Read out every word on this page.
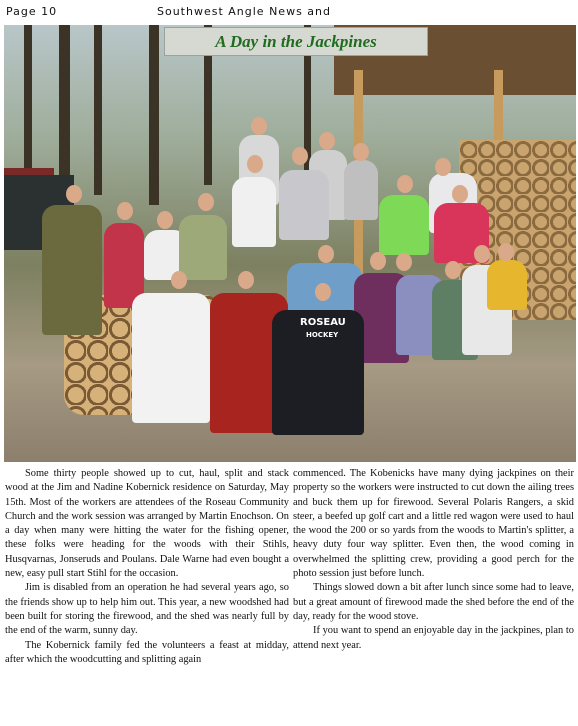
Page 10	Southwest Angle News and
ROSEAU
HOCKEY
A Day in the Jackpines

Some thirty people showed up to cut, haul, split and stack wood at the Jim and Nadine Kobernick residence on Saturday, May 15th. Most of the workers are attendees of the Roseau Community Church and the work session was arranged by Martin Enochson. On a day when many were hitting the water for the fishing opener, these folks were heading for the woods with their Stihls, Husqvarnas, Jonseruds and Poulans. Dale Warne had even bought a new, easy pull start Stihl for the occasion.

Jim is disabled from an operation he had several years ago, so the friends show up to help him out. This year, a new woodshed had been built for storing the firewood, and the shed was nearly full by the end of the warm, sunny day.

The Kobernick family fed the volunteers a feast at midday, after which the woodcutting and splitting again

commenced. The Kobenicks have many dying jackpines on their property so the workers were instructed to cut down the ailing trees and buck them up for firewood. Several Polaris Rangers, a skid steer, a beefed up golf cart and a little red wagon were used to haul the wood the 200 or so yards from the woods to Martin's splitter, a heavy duty four way splitter. Even then, the wood coming in overwhelmed the splitting crew, providing a good perch for the photo session just before lunch.

Things slowed down a bit after lunch since some had to leave, but a great amount of firewood made the shed before the end of the day, ready for the wood stove.

If you want to spend an enjoyable day in the jackpines, plan to attend next year.
